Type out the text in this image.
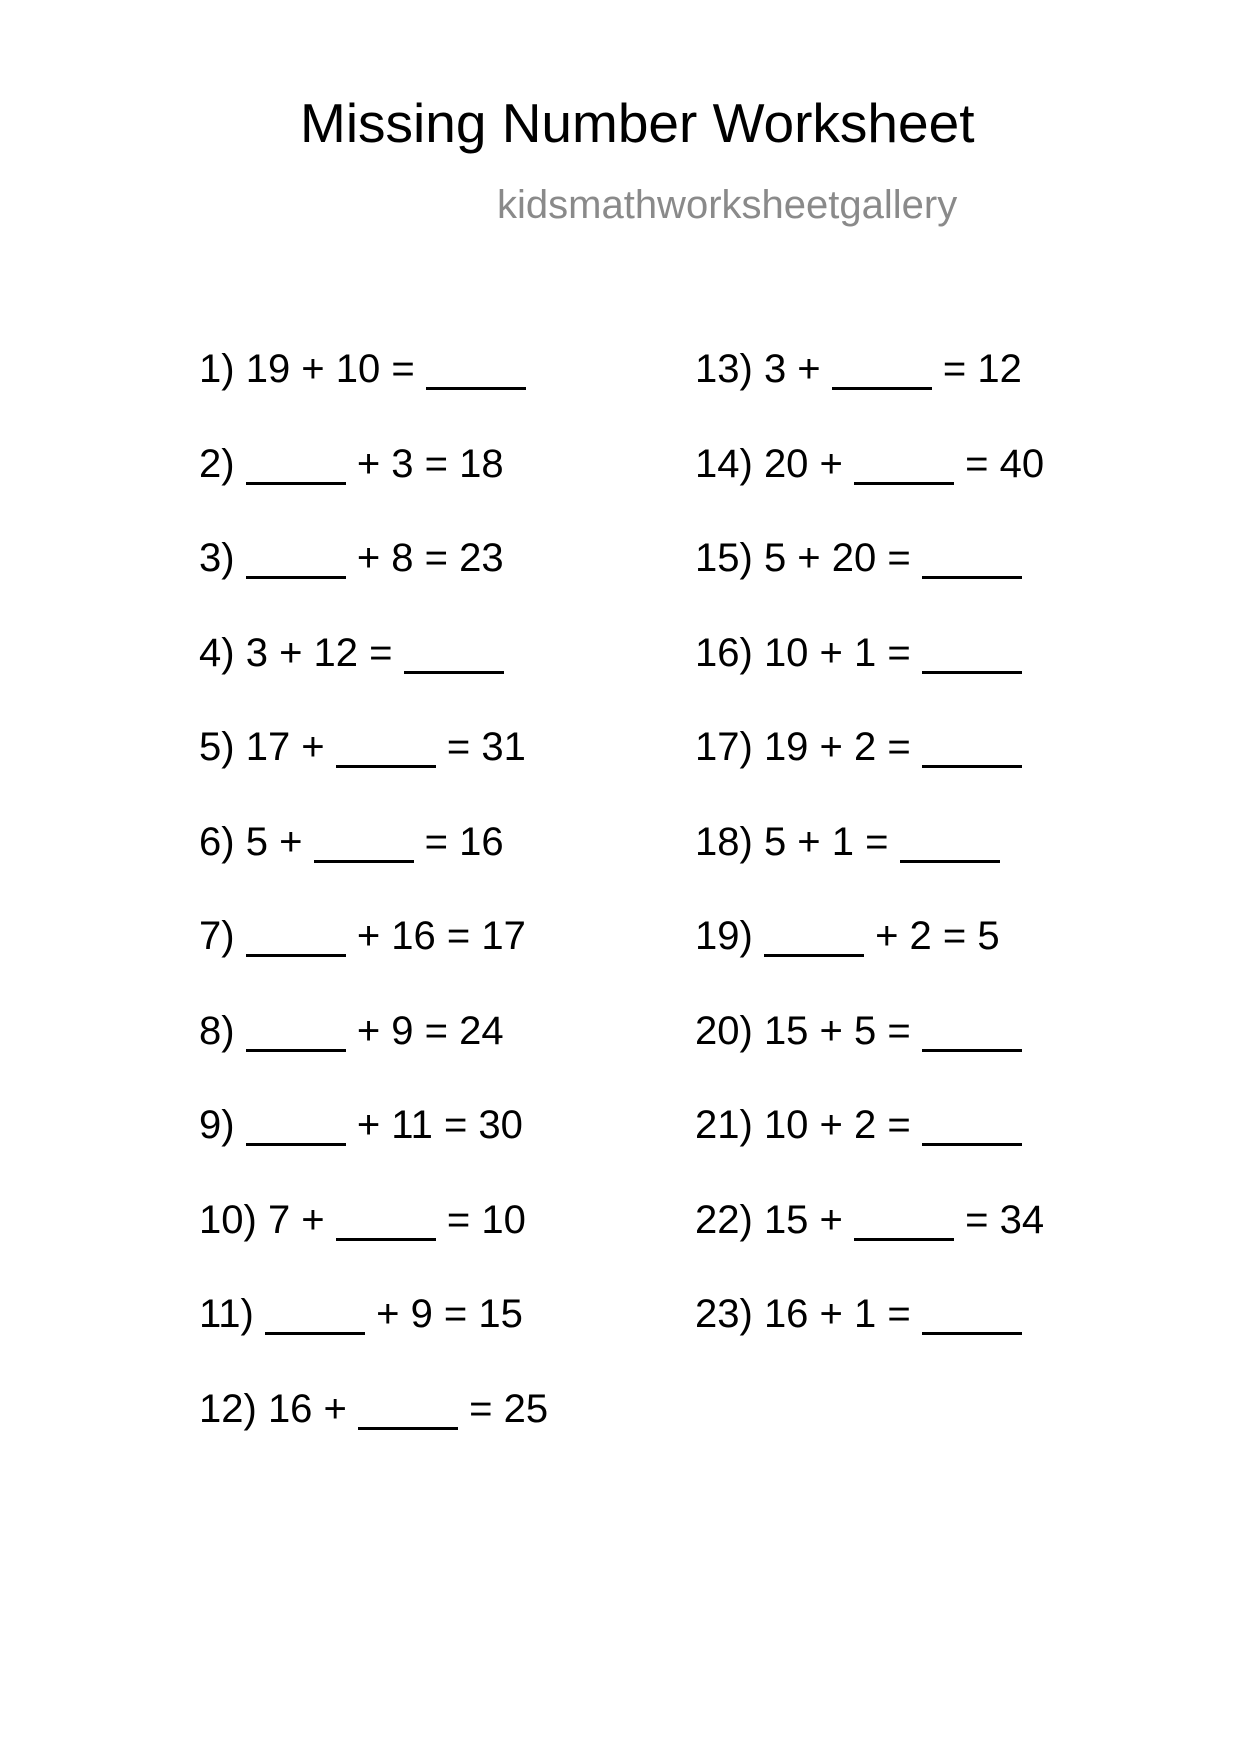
Missing Number Worksheet
kidsmathworksheetgallery
1) 19 + 10 =
2)	+ 3 = 18
3)	+ 8 = 23
4) 3 + 12 =
5) 17 +	= 31
6) 5 +	= 16
7)	+ 16 = 17
8)	+ 9 = 24
9)	+ 11 = 30
10) 7 +	= 10
11)	+ 9 = 15
12) 16 +	= 25
13) 3 +	= 12
14) 20 +	= 40
15) 5 + 20 =
16) 10 + 1 =
17) 19 + 2 =
18) 5 + 1 =
19)	+ 2 = 5
20) 15 + 5 =
21) 10 + 2 =
22) 15 +	= 34
23) 16 + 1 =
